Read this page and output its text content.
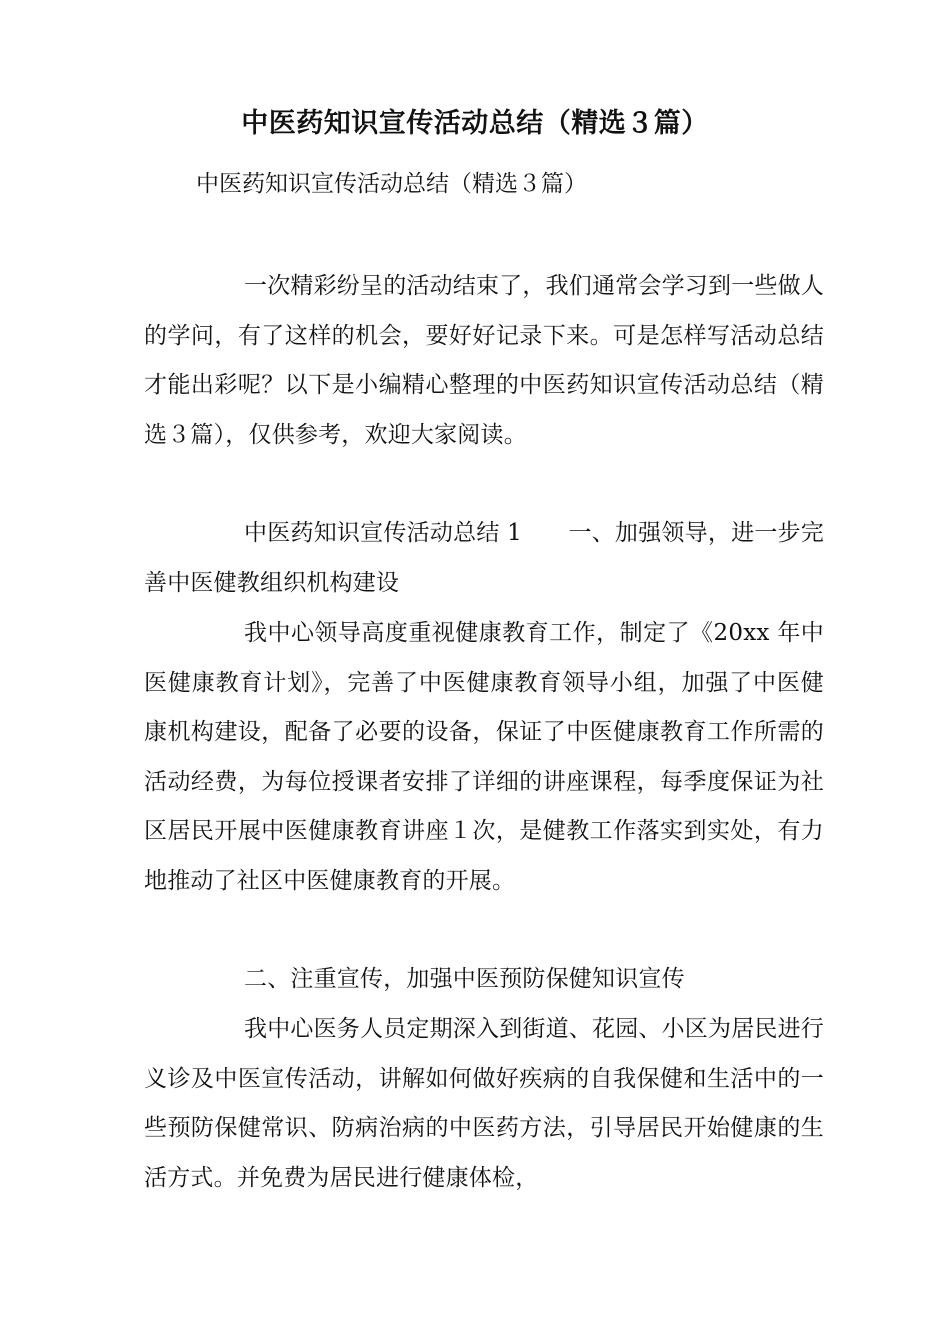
中医药知识宣传活动总结（精选３篇）

中医药知识宣传活动总结（精选３篇）

一次精彩纷呈的活动结束了，我们通常会学习到一些做人的学问，有了这样的机会，要好好记录下来。可是怎样写活动总结才能出彩呢？以下是小编精心整理的中医药知识宣传活动总结（精选３篇），仅供参考，欢迎大家阅读。

中医药知识宣传活动总结 1　　一、加强领导，进一步完善中医健教组织机构建设

我中心领导高度重视健康教育工作，制定了《20xx 年中医健康教育计划》，完善了中医健康教育领导小组，加强了中医健康机构建设，配备了必要的设备，保证了中医健康教育工作所需的活动经费，为每位授课者安排了详细的讲座课程，每季度保证为社区居民开展中医健康教育讲座１次，是健教工作落实到实处，有力地推动了社区中医健康教育的开展。

二、注重宣传，加强中医预防保健知识宣传

我中心医务人员定期深入到街道、花园、小区为居民进行义诊及中医宣传活动，讲解如何做好疾病的自我保健和生活中的一些预防保健常识、防病治病的中医药方法，引导居民开始健康的生活方式。并免费为居民进行健康体检，
